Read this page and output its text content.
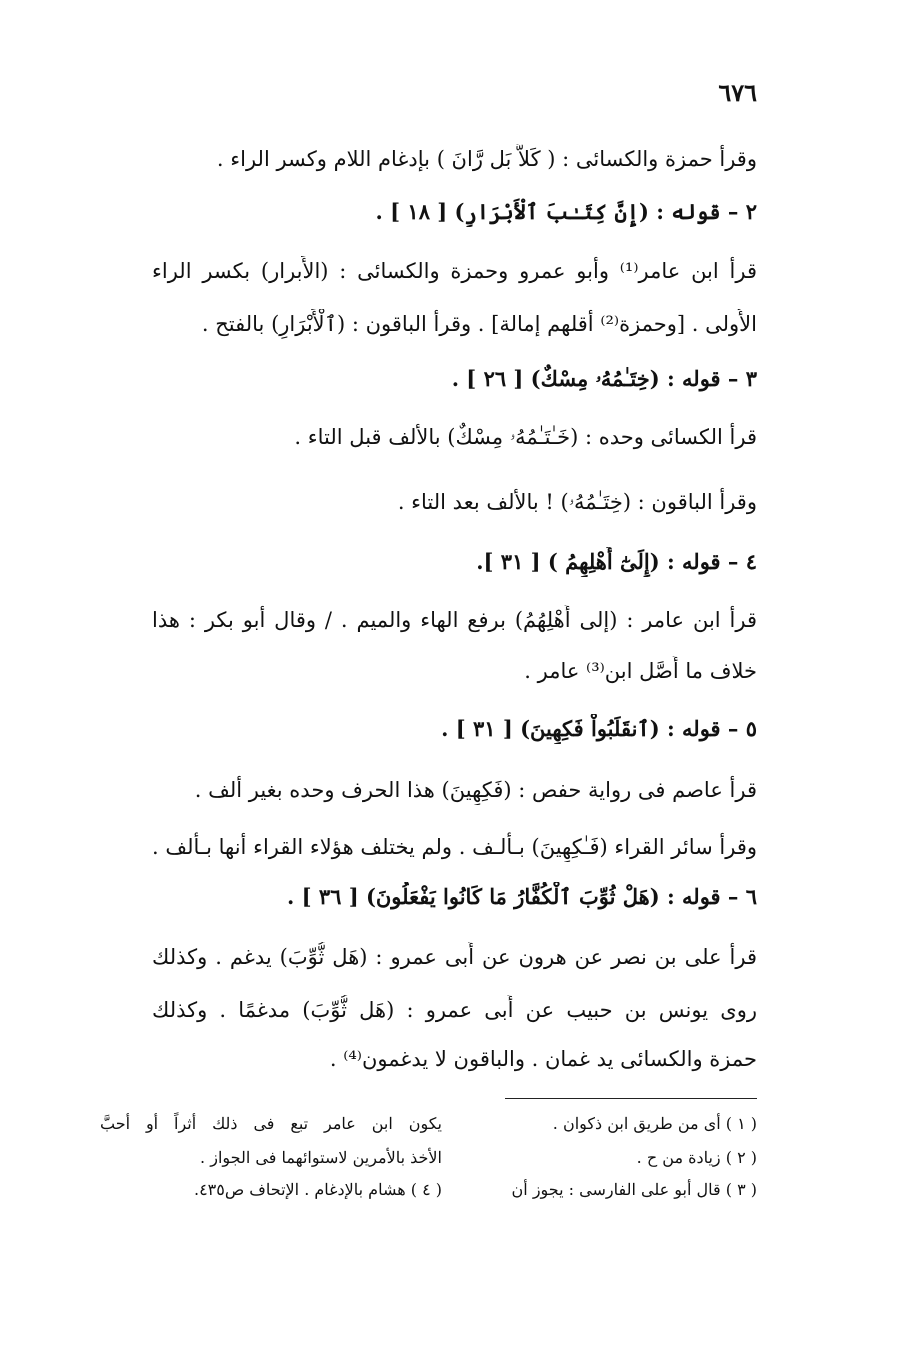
٦٧٦
وقرأ حمزة والكسائى : ( كَلاَّ بَل رَّانَ ) بإدغام اللام وكسر الراء .
٢ – قوله : (إِنَّ كِتَـٰبَ ٱلْأَبْرَارِ) [ ١٨ ] .
قرأ ابن عامر⁽¹⁾ وأبو عمرو وحمزة والكسائى : (الأَبرار) بكسر الراء
الأُولى . [وحمزة⁽²⁾ أقلهم إمالة] . وقرأ الباقون : (ٱلْأَبْرَارِ) بالفتح .
٣ – قوله : (خِتَـٰمُهُۥ مِسْكٌ) [ ٢٦ ] .
قرأ الكسائى وحده : (خَـٰتَـٰمُهُۥ مِسْكٌ) بالألف قبل التاء .
وقرأ الباقون : (خِتَـٰمُهُۥ) ! بالألف بعد التاء .
٤ – قوله : (إِلَىٰٓ أَهْلِهِمُ ) [ ٣١ ].
قرأ ابن عامر : (إلى أَهْلِهُمُ) برفع الهاء والميم . / وقال أبو بكر : هذا
خلاف ما أَصَّل ابن⁽³⁾ عامر .
٥ – قوله : (ٱنقَلَبُواْ فَكِهِينَ) [ ٣١ ] .
قرأ عاصم فى رواية حفص : (فَكِهِينَ) هذا الحرف وحده بغير ألف .
وقرأ سائر القراء (فَـٰكِهِينَ) بـألـف . ولم يختلف هؤلاء القراء أنها بـألف .
٦ – قوله : (هَلْ ثُوِّبَ ٱلْكُفَّارُ مَا كَانُوا يَفْعَلُونَ) [ ٣٦ ] .
قرأ على بن نصر عن هرون عن أَبى عمرو : (هَل ثُّوِّبَ) يدغم . وكذلك
روى يونس بن حبيب عن أَبى عمرو : (هَل ثُّوِّبَ) مدغمًا . وكذلك
حمزة والكسائى يد غمان . والباقون لا يدغمون⁽⁴⁾ .
( ١ ) أى من طريق ابن ذكوان .
( ٢ ) زيادة من ح .
( ٣ ) قال أبو على الفارسى : يجوز أن
يكون ابن عامر تبع فى ذلك أثراً أو أحبَّ
الأخذ بالأمرين لاستوائهما فى الجواز .
( ٤ ) هشام بالإدغام . الإتحاف ص٤٣٥.
